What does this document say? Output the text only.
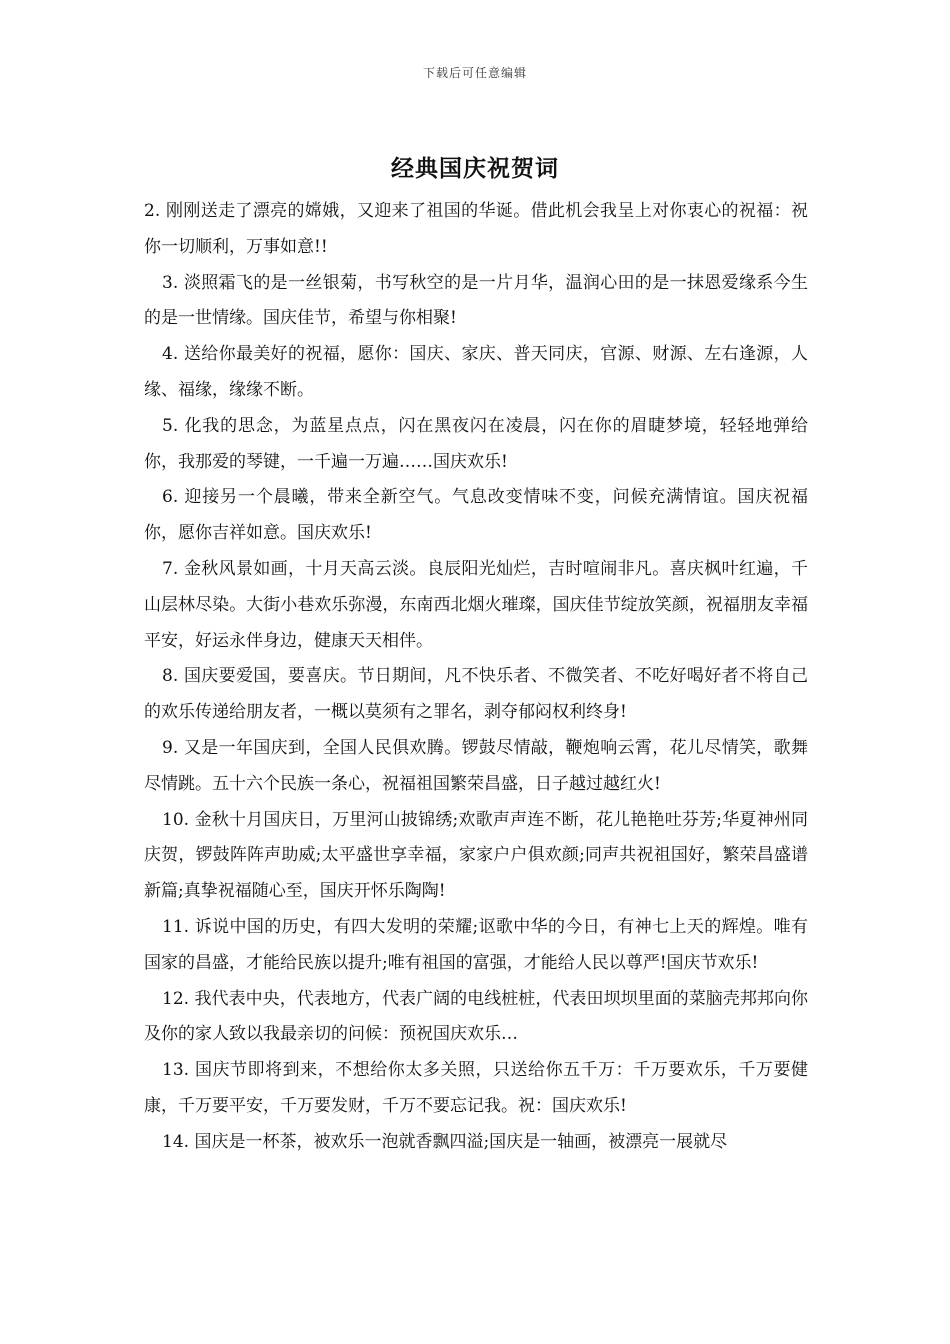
下载后可任意编辑
经典国庆祝贺词

2. 刚刚送走了漂亮的嫦娥，又迎来了祖国的华诞。借此机会我呈上对你衷心的祝福：祝你一切顺利，万事如意!!

3. 淡照霜飞的是一丝银菊，书写秋空的是一片月华，温润心田的是一抹恩爱缘系今生的是一世情缘。国庆佳节，希望与你相聚!

4. 送给你最美好的祝福，愿你：国庆、家庆、普天同庆，官源、财源、左右逢源，人缘、福缘，缘缘不断。

5. 化我的思念，为蓝星点点，闪在黑夜闪在凌晨，闪在你的眉睫梦境，轻轻地弹给你，我那爱的琴键，一千遍一万遍……国庆欢乐!

6. 迎接另一个晨曦，带来全新空气。气息改变情味不变，问候充满情谊。国庆祝福你，愿你吉祥如意。国庆欢乐!

7. 金秋风景如画，十月天高云淡。良辰阳光灿烂，吉时喧闹非凡。喜庆枫叶红遍，千山层林尽染。大街小巷欢乐弥漫，东南西北烟火璀璨，国庆佳节绽放笑颜，祝福朋友幸福平安，好运永伴身边，健康天天相伴。

8. 国庆要爱国，要喜庆。节日期间，凡不快乐者、不微笑者、不吃好喝好者不将自己的欢乐传递给朋友者，一概以莫须有之罪名，剥夺郁闷权利终身!

9. 又是一年国庆到，全国人民俱欢腾。锣鼓尽情敲，鞭炮响云霄，花儿尽情笑，歌舞尽情跳。五十六个民族一条心，祝福祖国繁荣昌盛，日子越过越红火!

10. 金秋十月国庆日，万里河山披锦绣;欢歌声声连不断，花儿艳艳吐芬芳;华夏神州同庆贺，锣鼓阵阵声助威;太平盛世享幸福，家家户户俱欢颜;同声共祝祖国好，繁荣昌盛谱新篇;真挚祝福随心至，国庆开怀乐陶陶!

11. 诉说中国的历史，有四大发明的荣耀;讴歌中华的今日，有神七上天的辉煌。唯有国家的昌盛，才能给民族以提升;唯有祖国的富强，才能给人民以尊严!国庆节欢乐!

12. 我代表中央，代表地方，代表广阔的电线桩桩，代表田坝坝里面的菜脑壳邦邦向你及你的家人致以我最亲切的问候：预祝国庆欢乐…

13. 国庆节即将到来，不想给你太多关照，只送给你五千万：千万要欢乐，千万要健康，千万要平安，千万要发财，千万不要忘记我。祝：国庆欢乐!

14. 国庆是一杯茶，被欢乐一泡就香飘四溢;国庆是一轴画，被漂亮一展就尽
